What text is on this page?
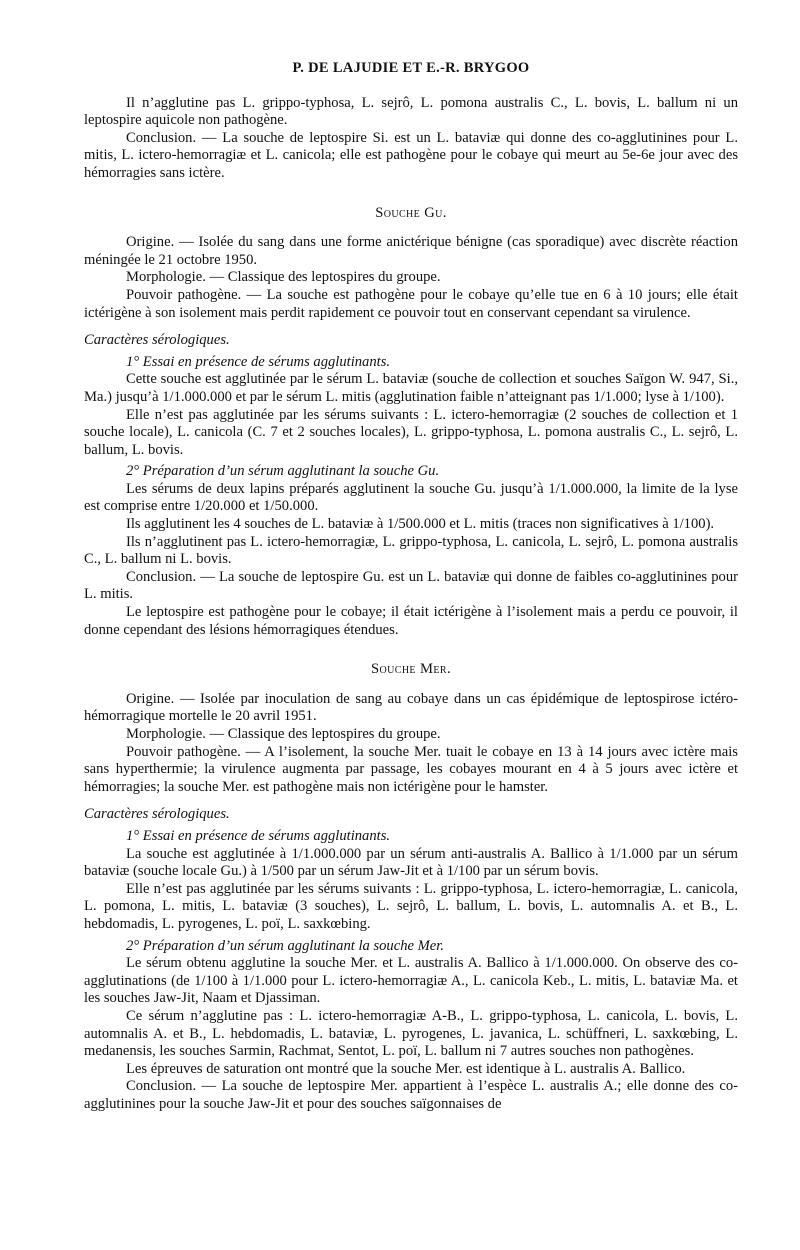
P. DE LAJUDIE ET E.-R. BRYGOO

Il n’agglutine pas L. grippo-typhosa, L. sejrô, L. pomona australis C., L. bovis, L. ballum ni un leptospire aquicole non pathogène.

Conclusion. — La souche de leptospire Si. est un L. bataviæ qui donne des co-agglutinines pour L. mitis, L. ictero-hemorragiæ et L. canicola; elle est pathogène pour le cobaye qui meurt au 5e-6e jour avec des hémorragies sans ictère.

Souche Gu.

Origine. — Isolée du sang dans une forme anictérique bénigne (cas sporadique) avec discrète réaction méningée le 21 octobre 1950.

Morphologie. — Classique des leptospires du groupe.

Pouvoir pathogène. — La souche est pathogène pour le cobaye qu’elle tue en 6 à 10 jours; elle était ictérigène à son isolement mais perdit rapidement ce pouvoir tout en conservant cependant sa virulence.

Caractères sérologiques.

1° Essai en présence de sérums agglutinants.

Cette souche est agglutinée par le sérum L. bataviæ (souche de collection et souches Saïgon W. 947, Si., Ma.) jusqu’à 1/1.000.000 et par le sérum L. mitis (agglutination faible n’atteignant pas 1/1.000; lyse à 1/100).

Elle n’est pas agglutinée par les sérums suivants : L. ictero-hemorragiæ (2 souches de collection et 1 souche locale), L. canicola (C. 7 et 2 souches locales), L. grippo-typhosa, L. pomona australis C., L. sejrô, L. ballum, L. bovis.

2° Préparation d’un sérum agglutinant la souche Gu.

Les sérums de deux lapins préparés agglutinent la souche Gu. jusqu’à 1/1.000.000, la limite de la lyse est comprise entre 1/20.000 et 1/50.000.

Ils agglutinent les 4 souches de L. bataviæ à 1/500.000 et L. mitis (traces non significatives à 1/100).

Ils n’agglutinent pas L. ictero-hemorragiæ, L. grippo-typhosa, L. canicola, L. sejrô, L. pomona australis C., L. ballum ni L. bovis.

Conclusion. — La souche de leptospire Gu. est un L. bataviæ qui donne de faibles co-agglutinines pour L. mitis.

Le leptospire est pathogène pour le cobaye; il était ictérigène à l’isolement mais a perdu ce pouvoir, il donne cependant des lésions hémorragiques étendues.

Souche Mer.

Origine. — Isolée par inoculation de sang au cobaye dans un cas épidémique de leptospirose ictéro-hémorragique mortelle le 20 avril 1951.

Morphologie. — Classique des leptospires du groupe.

Pouvoir pathogène. — A l’isolement, la souche Mer. tuait le cobaye en 13 à 14 jours avec ictère mais sans hyperthermie; la virulence augmenta par passage, les cobayes mourant en 4 à 5 jours avec ictère et hémorragies; la souche Mer. est pathogène mais non ictérigène pour le hamster.

Caractères sérologiques.

1° Essai en présence de sérums agglutinants.

La souche est agglutinée à 1/1.000.000 par un sérum anti-australis A. Ballico à 1/1.000 par un sérum bataviæ (souche locale Gu.) à 1/500 par un sérum Jaw-Jit et à 1/100 par un sérum bovis.

Elle n’est pas agglutinée par les sérums suivants : L. grippo-typhosa, L. ictero-hemorragiæ, L. canicola, L. pomona, L. mitis, L. bataviæ (3 souches), L. sejrô, L. ballum, L. bovis, L. automnalis A. et B., L. hebdomadis, L. pyrogenes, L. poï, L. saxkœbing.

2° Préparation d’un sérum agglutinant la souche Mer.

Le sérum obtenu agglutine la souche Mer. et L. australis A. Ballico à 1/1.000.000. On observe des co-agglutinations (de 1/100 à 1/1.000 pour L. ictero-hemorragiæ A., L. canicola Keb., L. mitis, L. bataviæ Ma. et les souches Jaw-Jit, Naam et Djassiman.

Ce sérum n’agglutine pas : L. ictero-hemorragiæ A-B., L. grippo-typhosa, L. canicola, L. bovis, L. automnalis A. et B., L. hebdomadis, L. bataviæ, L. pyrogenes, L. javanica, L. schüffneri, L. saxkœbing, L. medanensis, les souches Sarmin, Rachmat, Sentot, L. poï, L. ballum ni 7 autres souches non pathogènes.

Les épreuves de saturation ont montré que la souche Mer. est identique à L. australis A. Ballico.

Conclusion. — La souche de leptospire Mer. appartient à l’espèce L. australis A.; elle donne des co-agglutinines pour la souche Jaw-Jit et pour des souches saïgonnaises de
